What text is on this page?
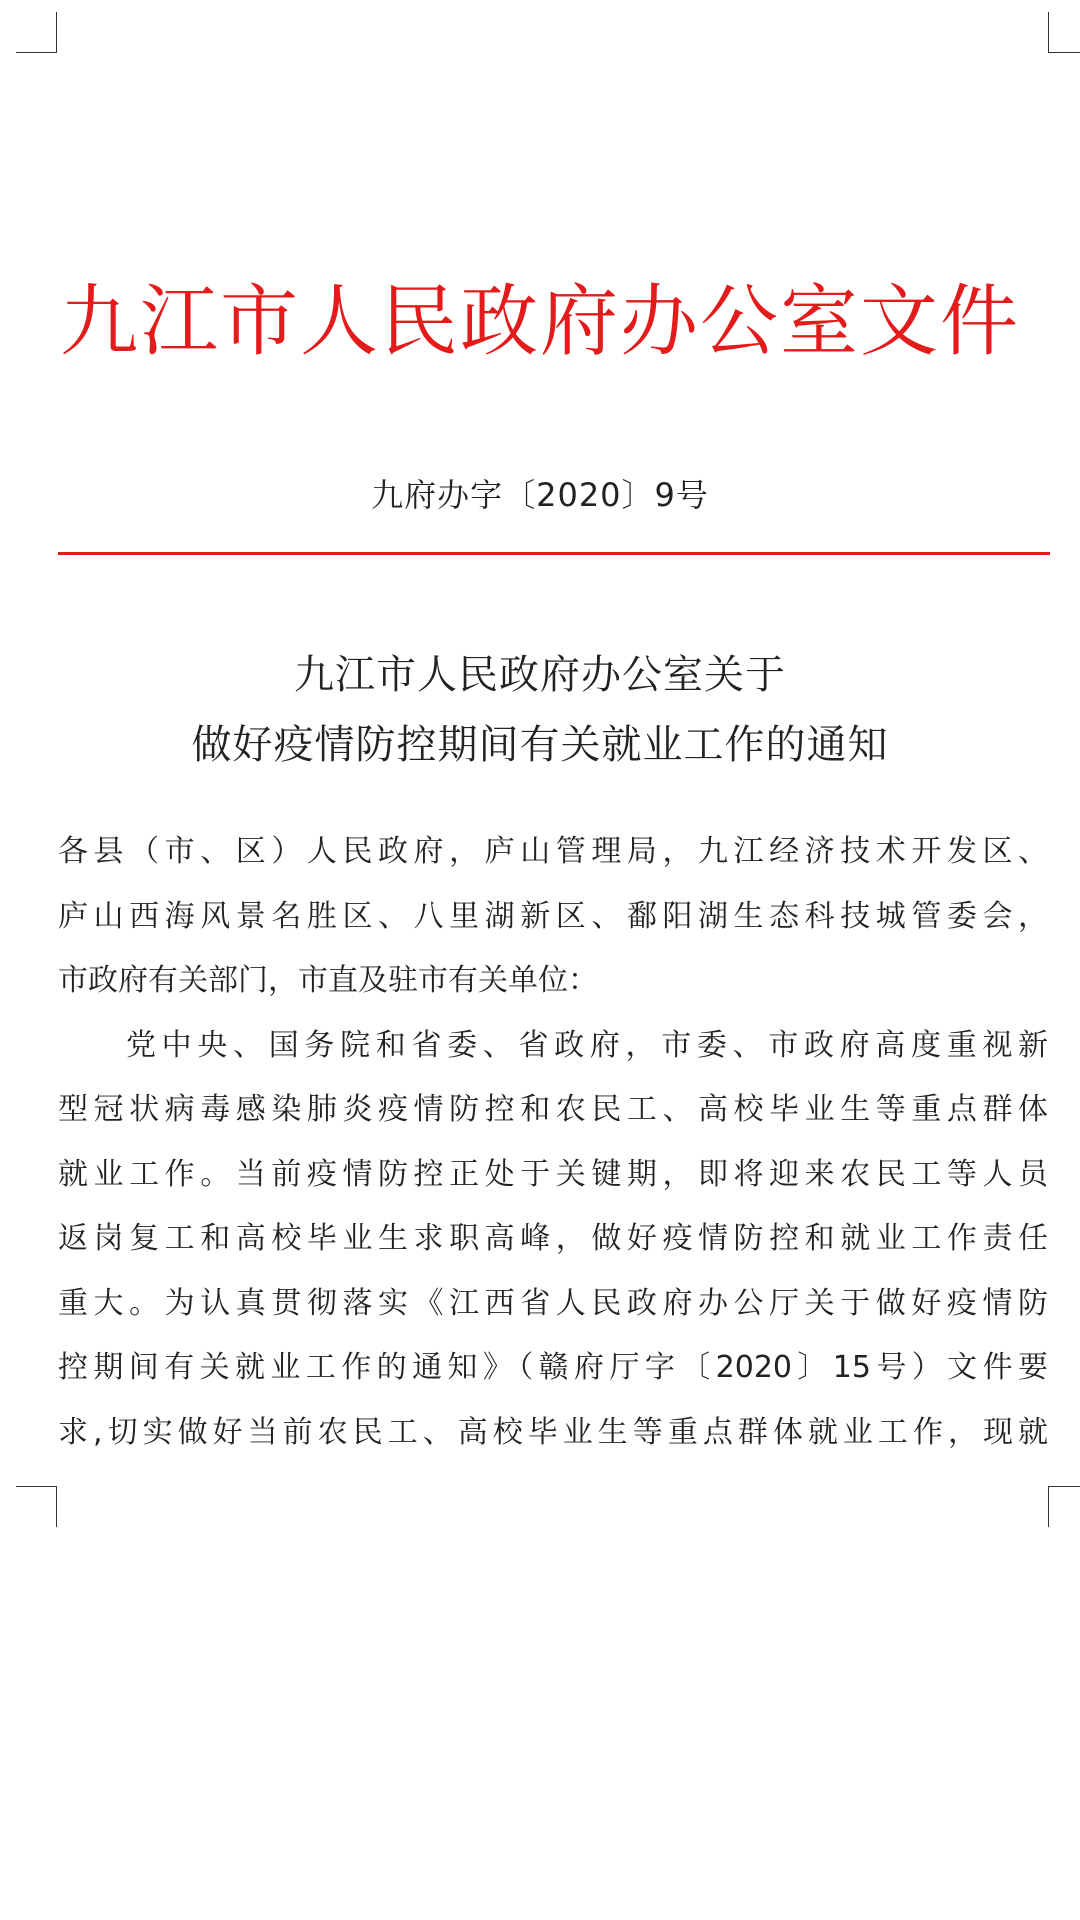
九江市人民政府办公室文件
九府办字〔2020〕9号
九江市人民政府办公室关于
做好疫情防控期间有关就业工作的通知
各县（市、区）人民政府，庐山管理局，九江经济技术开发区、
庐山西海风景名胜区、八里湖新区、鄱阳湖生态科技城管委会，
市政府有关部门，市直及驻市有关单位：
党中央、国务院和省委、省政府，市委、市政府高度重视新
型冠状病毒感染肺炎疫情防控和农民工、高校毕业生等重点群体
就业工作。当前疫情防控正处于关键期，即将迎来农民工等人员
返岗复工和高校毕业生求职高峰，做好疫情防控和就业工作责任
重大。为认真贯彻落实《江西省人民政府办公厅关于做好疫情防
控期间有关就业工作的通知》（赣府厅字〔2020〕15号）文件要
求,切实做好当前农民工、高校毕业生等重点群体就业工作，现就
